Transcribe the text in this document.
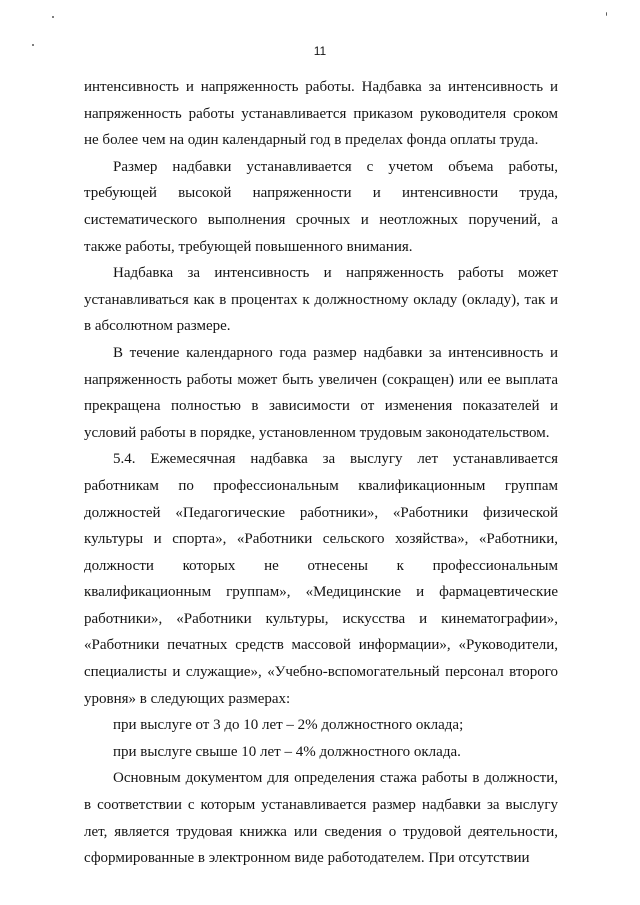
11

интенсивность и напряженность работы. Надбавка за интенсивность и напряженность работы устанавливается приказом руководителя сроком не более чем на один календарный год в пределах фонда оплаты труда.

Размер надбавки устанавливается с учетом объема работы, требующей высокой напряженности и интенсивности труда, систематического выполнения срочных и неотложных поручений, а также работы, требующей повышенного внимания.

Надбавка за интенсивность и напряженность работы может устанавливаться как в процентах к должностному окладу (окладу), так и в абсолютном размере.

В течение календарного года размер надбавки за интенсивность и напряженность работы может быть увеличен (сокращен) или ее выплата прекращена полностью в зависимости от изменения показателей и условий работы в порядке, установленном трудовым законодательством.

5.4. Ежемесячная надбавка за выслугу лет устанавливается работникам по профессиональным квалификационным группам должностей «Педагогические работники», «Работники физической культуры и спорта», «Работники сельского хозяйства», «Работники, должности которых не отнесены к профессиональным квалификационным группам», «Медицинские и фармацевтические работники», «Работники культуры, искусства и кинематографии», «Работники печатных средств массовой информации», «Руководители, специалисты и служащие», «Учебно-вспомогательный персонал второго уровня» в следующих размерах:

при выслуге от 3 до 10 лет – 2% должностного оклада;

при выслуге свыше 10 лет – 4% должностного оклада.

Основным документом для определения стажа работы в должности, в соответствии с которым устанавливается размер надбавки за выслугу лет, является трудовая книжка или сведения о трудовой деятельности, сформированные в электронном виде работодателем. При отсутствии
